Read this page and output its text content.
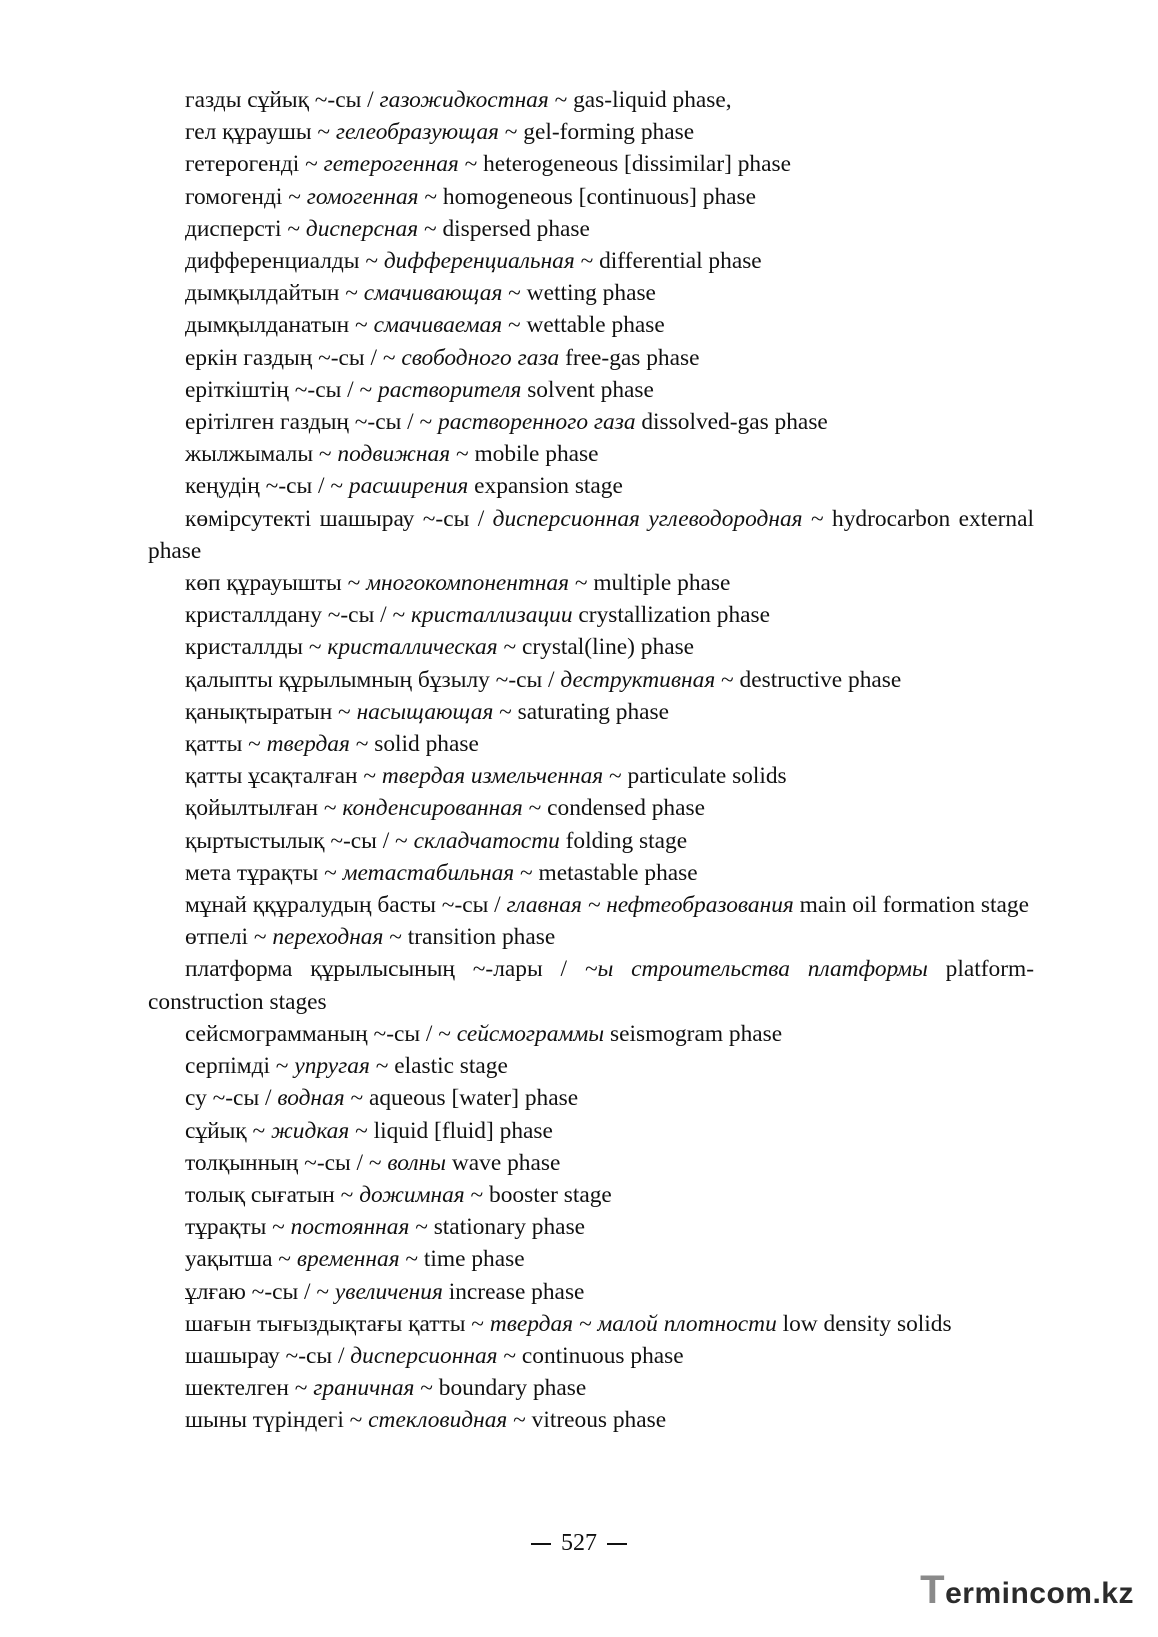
газды сұйық ~-сы / газожидкостная ~ gas-liquid phase,
гел құраушы ~ гелеобразующая ~ gel-forming phase
гетерогенді ~ гетерогенная ~ heterogeneous [dissimilar] phase
гомогенді ~ гомогенная ~ homogeneous [continuous] phase
дисперсті ~ дисперсная ~ dispersed phase
дифференциалды ~ дифференциальная ~ differential phase
дымқылдайтын ~ смачивающая ~ wetting phase
дымқылданатын ~ смачиваемая ~ wettable phase
еркін газдың ~-сы / ~ свободного газа free-gas phase
еріткіштің ~-сы / ~ растворителя solvent phase
ерітілген газдың ~-сы / ~ растворенного газа dissolved-gas phase
жылжымалы ~ подвижная ~ mobile phase
кеңудің ~-сы / ~ расширения expansion stage
көмірсутекті шашырау ~-сы / дисперсионная углеводородная ~ hydrocarbon external phase
көп құрауышты ~ многокомпонентная ~ multiple phase
кристаллдану ~-сы / ~ кристаллизации crystallization phase
кристаллды ~ кристаллическая ~ crystal(line) phase
қалыпты құрылымның бұзылу ~-сы / деструктивная ~ destructive phase
қанықтыратын ~ насыщающая ~ saturating phase
қатты ~ твердая ~ solid phase
қатты ұсақталған ~ твердая измельченная ~ particulate solids
қойылтылған ~ конденсированная ~ condensed phase
қыртыстылық ~-сы / ~ складчатости folding stage
мета тұрақты ~ метастабильная ~ metastable phase
мұнай ққұралудың басты ~-сы / главная ~ нефтеобразования main oil formation stage
өтпелі ~ переходная ~ transition phase
платформа құрылысының ~-лары / ~ы строительства платформы platform-construction stages
сейсмограмманың ~-сы / ~ сейсмограммы seismogram phase
серпімді ~ упругая ~ elastic stage
су ~-сы / водная ~ aqueous [water] phase
сұйық ~ жидкая ~ liquid [fluid] phase
толқынның ~-сы / ~ волны wave phase
толық сығатын ~ дожимная ~ booster stage
тұрақты ~ постоянная ~ stationary phase
уақытша ~ временная ~ time phase
ұлғаю ~-сы / ~ увеличения increase phase
шағын тығыздықтағы қатты ~ твердая ~ малой плотности low density solids
шашырау ~-сы / дисперсионная ~ continuous phase
шектелген ~ граничная ~ boundary phase
шыны түріндегі ~ стекловидная ~ vitreous phase
527
Termincom.kz
